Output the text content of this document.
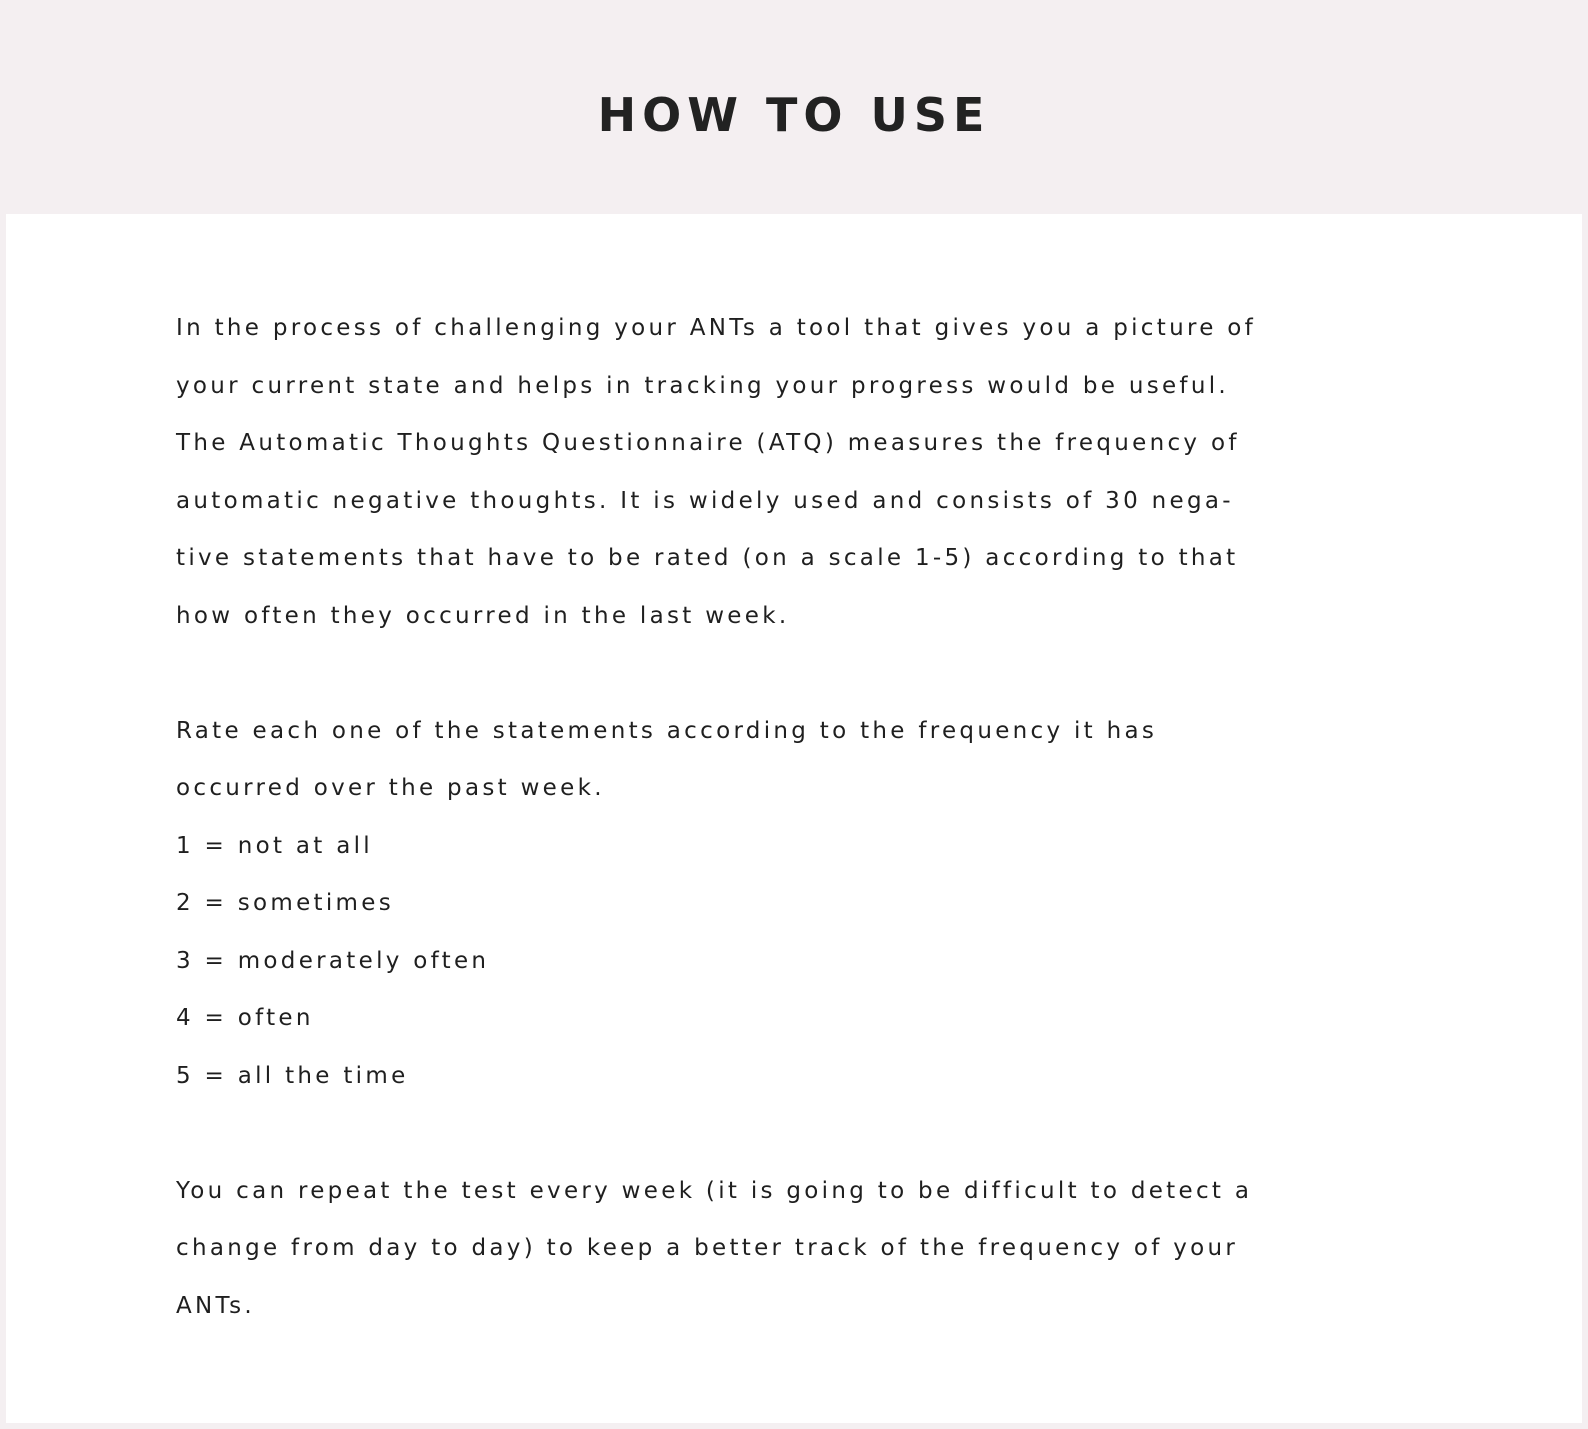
HOW TO USE
In the process of challenging your ANTs a tool that gives you a picture of
your current state and helps in tracking your progress would be useful.
The Automatic Thoughts Questionnaire (ATQ) measures the frequency of
automatic negative thoughts. It is widely used and consists of 30 nega-
tive statements that have to be rated (on a scale 1-5) according to that
how often they occurred in the last week.
Rate each one of the statements according to the frequency it has
occurred over the past week.
1 = not at all
2 = sometimes
3 = moderately often
4 = often
5 = all the time
You can repeat the test every week (it is going to be difficult to detect a
change from day to day) to keep a better track of the frequency of your
ANTs.
